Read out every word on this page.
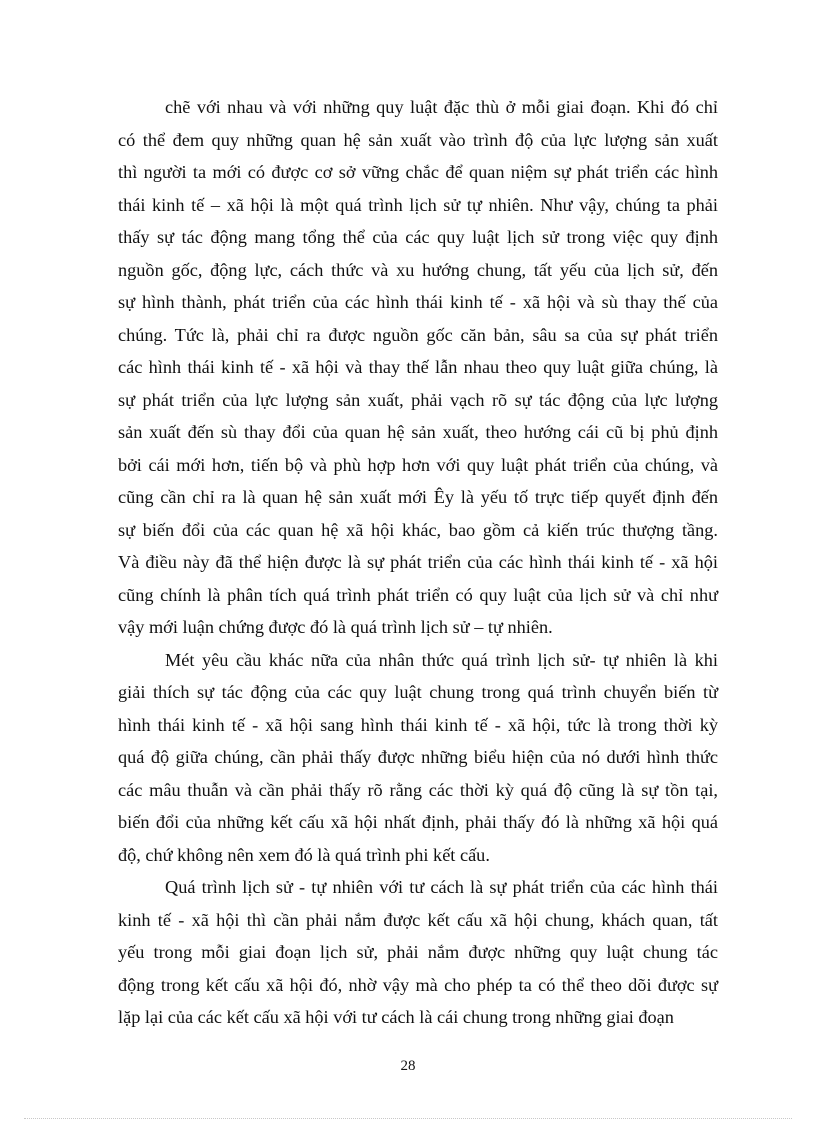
chẽ với nhau và với những quy luật đặc thù ở mỗi giai đoạn. Khi đó chỉ
có thể đem quy những quan hệ sản xuất vào trình độ của lực lượng sản xuất
thì người ta mới có được cơ sở vững chắc để quan niệm sự phát triển các hình
thái kinh tế – xã hội là một quá trình lịch sử tự nhiên. Như vậy, chúng ta phải
thấy sự tác động mang tổng thể của các quy luật lịch sử trong việc quy định
nguồn gốc, động lực, cách thức và xu hướng chung, tất yếu của lịch sử, đến
sự hình thành, phát triển của các hình thái kinh tế - xã hội và sù thay thế của
chúng. Tức là, phải chỉ ra được nguồn gốc căn bản, sâu sa của sự phát triển
các hình thái kinh tế - xã hội và thay thế lẫn nhau theo quy luật giữa chúng, là
sự phát triển của lực lượng sản xuất, phải vạch rõ sự tác động của lực lượng
sản xuất đến sù thay đổi của quan hệ sản xuất, theo hướng cái cũ bị phủ định
bởi cái mới hơn, tiến bộ và phù hợp hơn với quy luật phát triển của chúng, và
cũng cần chỉ ra là quan hệ sản xuất mới Êy là yếu tố trực tiếp quyết định đến
sự biến đổi của các quan hệ xã hội khác, bao gồm cả kiến trúc thượng tầng.
Và điều này đã thể hiện được là sự phát triển của các hình thái kinh tế - xã hội
cũng chính là phân tích quá trình phát triển có quy luật của lịch sử và chỉ như
vậy mới luận chứng được đó là quá trình lịch sử – tự nhiên.
Mét yêu cầu khác nữa của nhân thức quá trình lịch sử- tự nhiên là khi
giải thích sự tác động của các quy luật chung trong quá trình chuyển biến từ
hình thái kinh tế - xã hội sang hình thái kinh tế - xã hội, tức là trong thời kỳ
quá độ giữa chúng, cần phải thấy được những biểu hiện của nó dưới hình thức
các mâu thuẫn và cần phải thấy rõ rằng các thời kỳ quá độ cũng là sự tồn tại,
biến đổi của những kết cấu xã hội nhất định, phải thấy đó là những xã hội quá
độ, chứ không nên xem đó là quá trình phi kết cấu.
Quá trình lịch sử - tự nhiên với tư cách là sự phát triển của các hình thái
kinh tế - xã hội thì cần phải nắm được kết cấu xã hội chung, khách quan, tất
yếu trong mỗi giai đoạn lịch sử, phải nắm được những quy luật chung tác
động trong kết cấu xã hội đó, nhờ vậy mà cho phép ta có thể theo dõi được sự
lặp lại của các kết cấu xã hội với tư cách là cái chung trong những giai đoạn
28
